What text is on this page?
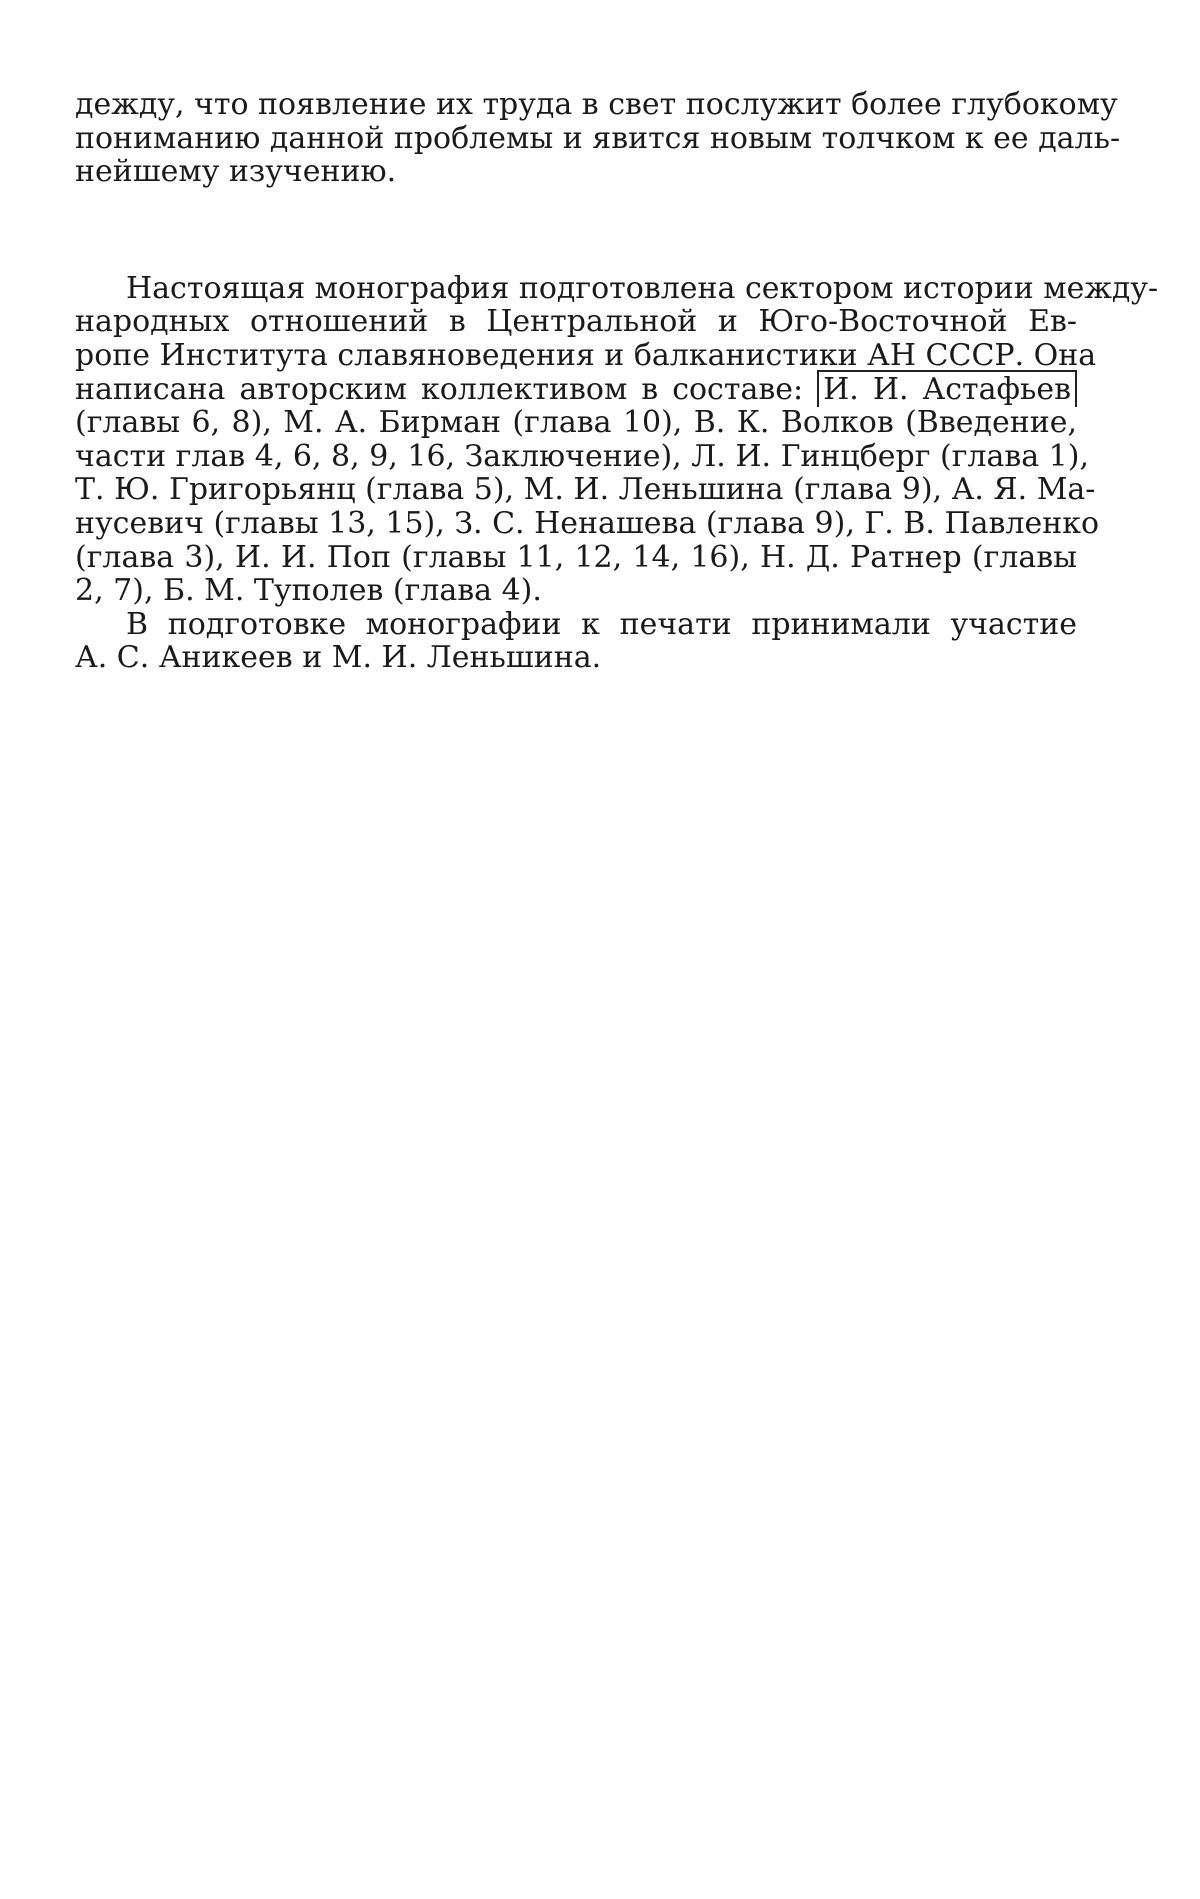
дежду, что появление их труда в свет послужит более глубокому
пониманию данной проблемы и явится новым толчком к ее даль-
нейшему изучению.
Настоящая монография подготовлена сектором истории между-
народных отношений в Центральной и Юго-Восточной Ев-
ропе Института славяноведения и балканистики АН СССР. Она
написана авторским коллективом в составе: И. И. Астафьев
(главы 6, 8), М. А. Бирман (глава 10), В. К. Волков (Введение,
части глав 4, 6, 8, 9, 16, Заключение), Л. И. Гинцберг (глава 1),
Т. Ю. Григорьянц (глава 5), М. И. Леньшина (глава 9), А. Я. Ма-
нусевич (главы 13, 15), З. С. Ненашева (глава 9), Г. В. Павленко
(глава 3), И. И. Поп (главы 11, 12, 14, 16), Н. Д. Ратнер (главы
2, 7), Б. М. Туполев (глава 4).
В подготовке монографии к печати принимали участие
А. С. Аникеев и М. И. Леньшина.
